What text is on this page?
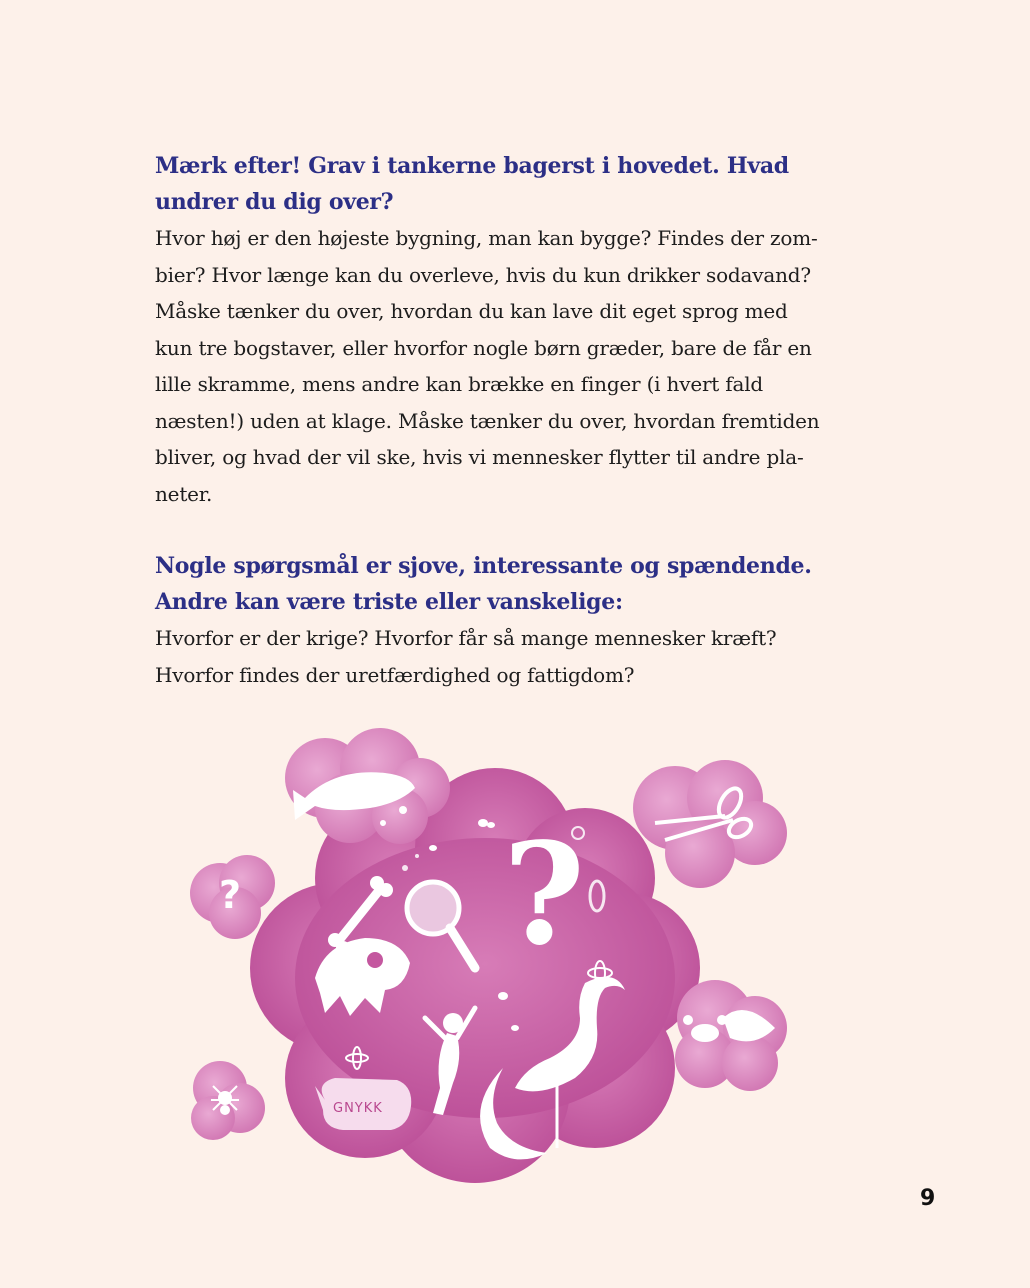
Mærk efter! Grav i tankerne bagerst i hovedet. Hvad
undrer du dig over?
Hvor høj er den højeste bygning, man kan bygge? Findes der zom-
bier? Hvor længe kan du overleve, hvis du kun drikker sodavand?
Måske tænker du over, hvordan du kan lave dit eget sprog med
kun tre bogstaver, eller hvorfor nogle børn græder, bare de får en
lille skramme, mens andre kan brække en finger (i hvert fald
næsten!) uden at klage. Måske tænker du over, hvordan fremtiden
bliver, og hvad der vil ske, hvis vi mennesker flytter til andre pla-
neter.
Nogle spørgsmål er sjove, interessante og spændende.
Andre kan være triste eller vanskelige:
Hvorfor er der krige? Hvorfor får så mange mennesker kræft?
Hvorfor findes der uretfærdighed og fattigdom?
? ?
GNYKK
9
